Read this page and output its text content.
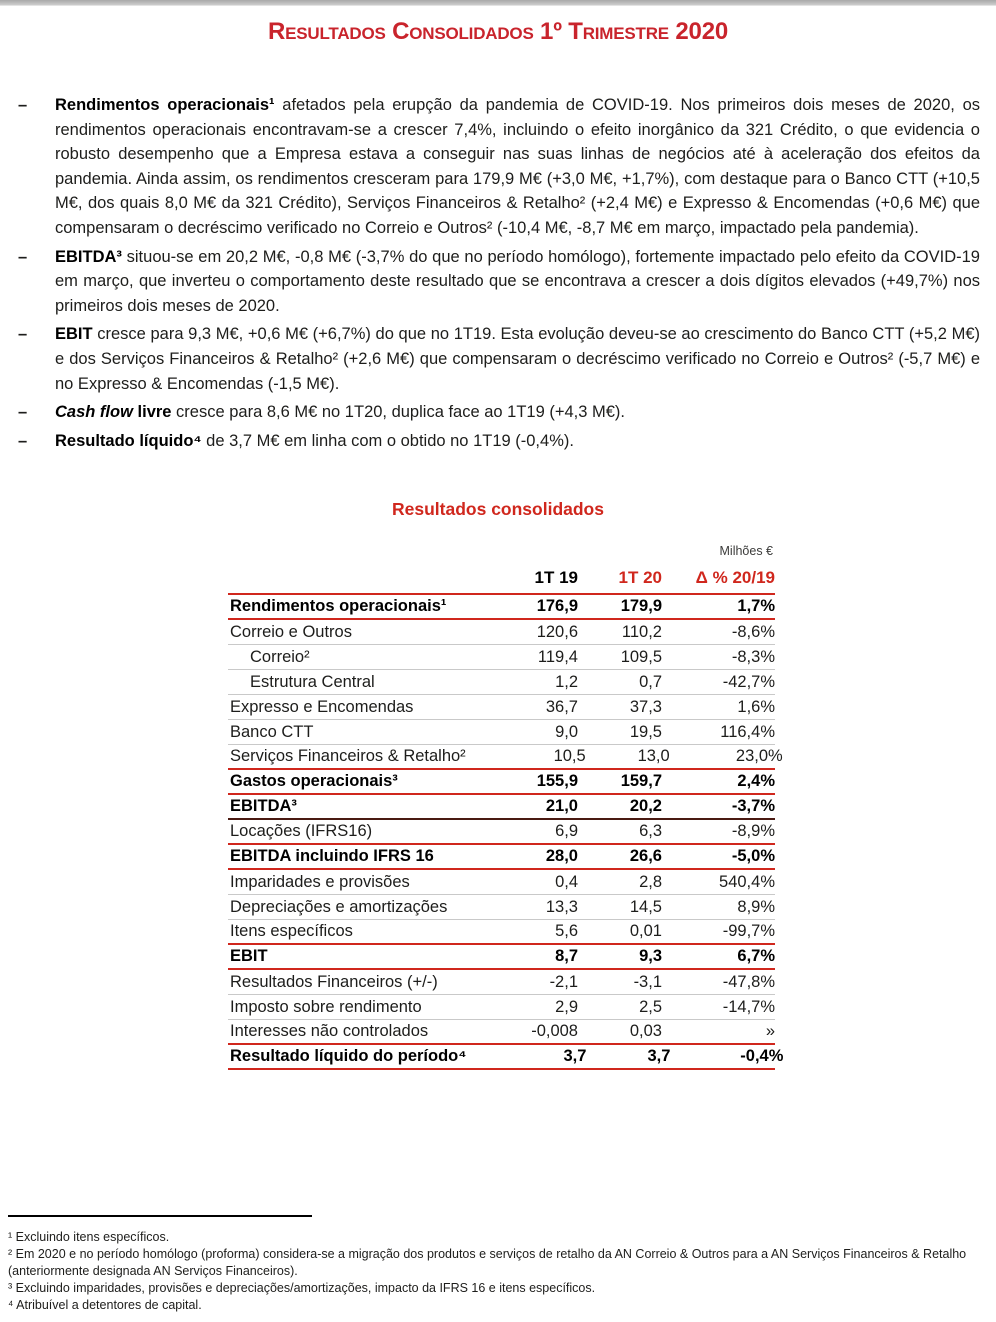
Resultados Consolidados 1º Trimestre 2020
–	Rendimentos operacionais¹ afetados pela erupção da pandemia de COVID-19. Nos primeiros dois meses de 2020, os rendimentos operacionais encontravam-se a crescer 7,4%, incluindo o efeito inorgânico da 321 Crédito, o que evidencia o robusto desempenho que a Empresa estava a conseguir nas suas linhas de negócios até à aceleração dos efeitos da pandemia. Ainda assim, os rendimentos cresceram para 179,9 M€ (+3,0 M€, +1,7%), com destaque para o Banco CTT (+10,5 M€, dos quais 8,0 M€ da 321 Crédito), Serviços Financeiros & Retalho² (+2,4 M€) e Expresso & Encomendas (+0,6 M€) que compensaram o decréscimo verificado no Correio e Outros² (-10,4 M€, -8,7 M€ em março, impactado pela pandemia).
–	EBITDA³ situou-se em 20,2 M€, -0,8 M€ (-3,7% do que no período homólogo), fortemente impactado pelo efeito da COVID-19 em março, que inverteu o comportamento deste resultado que se encontrava a crescer a dois dígitos elevados (+49,7%) nos primeiros dois meses de 2020.
–	EBIT cresce para 9,3 M€, +0,6 M€ (+6,7%) do que no 1T19. Esta evolução deveu-se ao crescimento do Banco CTT (+5,2 M€) e dos Serviços Financeiros & Retalho² (+2,6 M€) que compensaram o decréscimo verificado no Correio e Outros² (-5,7 M€) e no Expresso & Encomendas (-1,5 M€).
–	Cash flow livre cresce para 8,6 M€ no 1T20, duplica face ao 1T19 (+4,3 M€).
–	Resultado líquido⁴ de 3,7 M€ em linha com o obtido no 1T19 (-0,4%).
Resultados consolidados
Milhões €
1T 19	1T 20	Δ % 20/19
Rendimentos operacionais¹	176,9	179,9	1,7%
Correio e Outros	120,6	110,2	-8,6%
Correio²	119,4	109,5	-8,3%
Estrutura Central	1,2	0,7	-42,7%
Expresso e Encomendas	36,7	37,3	1,6%
Banco CTT	9,0	19,5	116,4%
Serviços Financeiros & Retalho²	10,5	13,0	23,0%
Gastos operacionais³	155,9	159,7	2,4%
EBITDA³	21,0	20,2	-3,7%
Locações (IFRS16)	6,9	6,3	-8,9%
EBITDA incluindo IFRS 16	28,0	26,6	-5,0%
Imparidades e provisões	0,4	2,8	540,4%
Depreciações e amortizações	13,3	14,5	8,9%
Itens específicos	5,6	0,01	-99,7%
EBIT	8,7	9,3	6,7%
Resultados Financeiros (+/-)	-2,1	-3,1	-47,8%
Imposto sobre rendimento	2,9	2,5	-14,7%
Interesses não controlados	-0,008	0,03	»
Resultado líquido do período⁴	3,7	3,7	-0,4%

¹ Excluindo itens específicos.

² Em 2020 e no período homólogo (proforma) considera-se a migração dos produtos e serviços de retalho da AN Correio & Outros para a AN Serviços Financeiros & Retalho (anteriormente designada AN Serviços Financeiros).

³ Excluindo imparidades, provisões e depreciações/amortizações, impacto da IFRS 16 e itens específicos.

⁴ Atribuível a detentores de capital.
